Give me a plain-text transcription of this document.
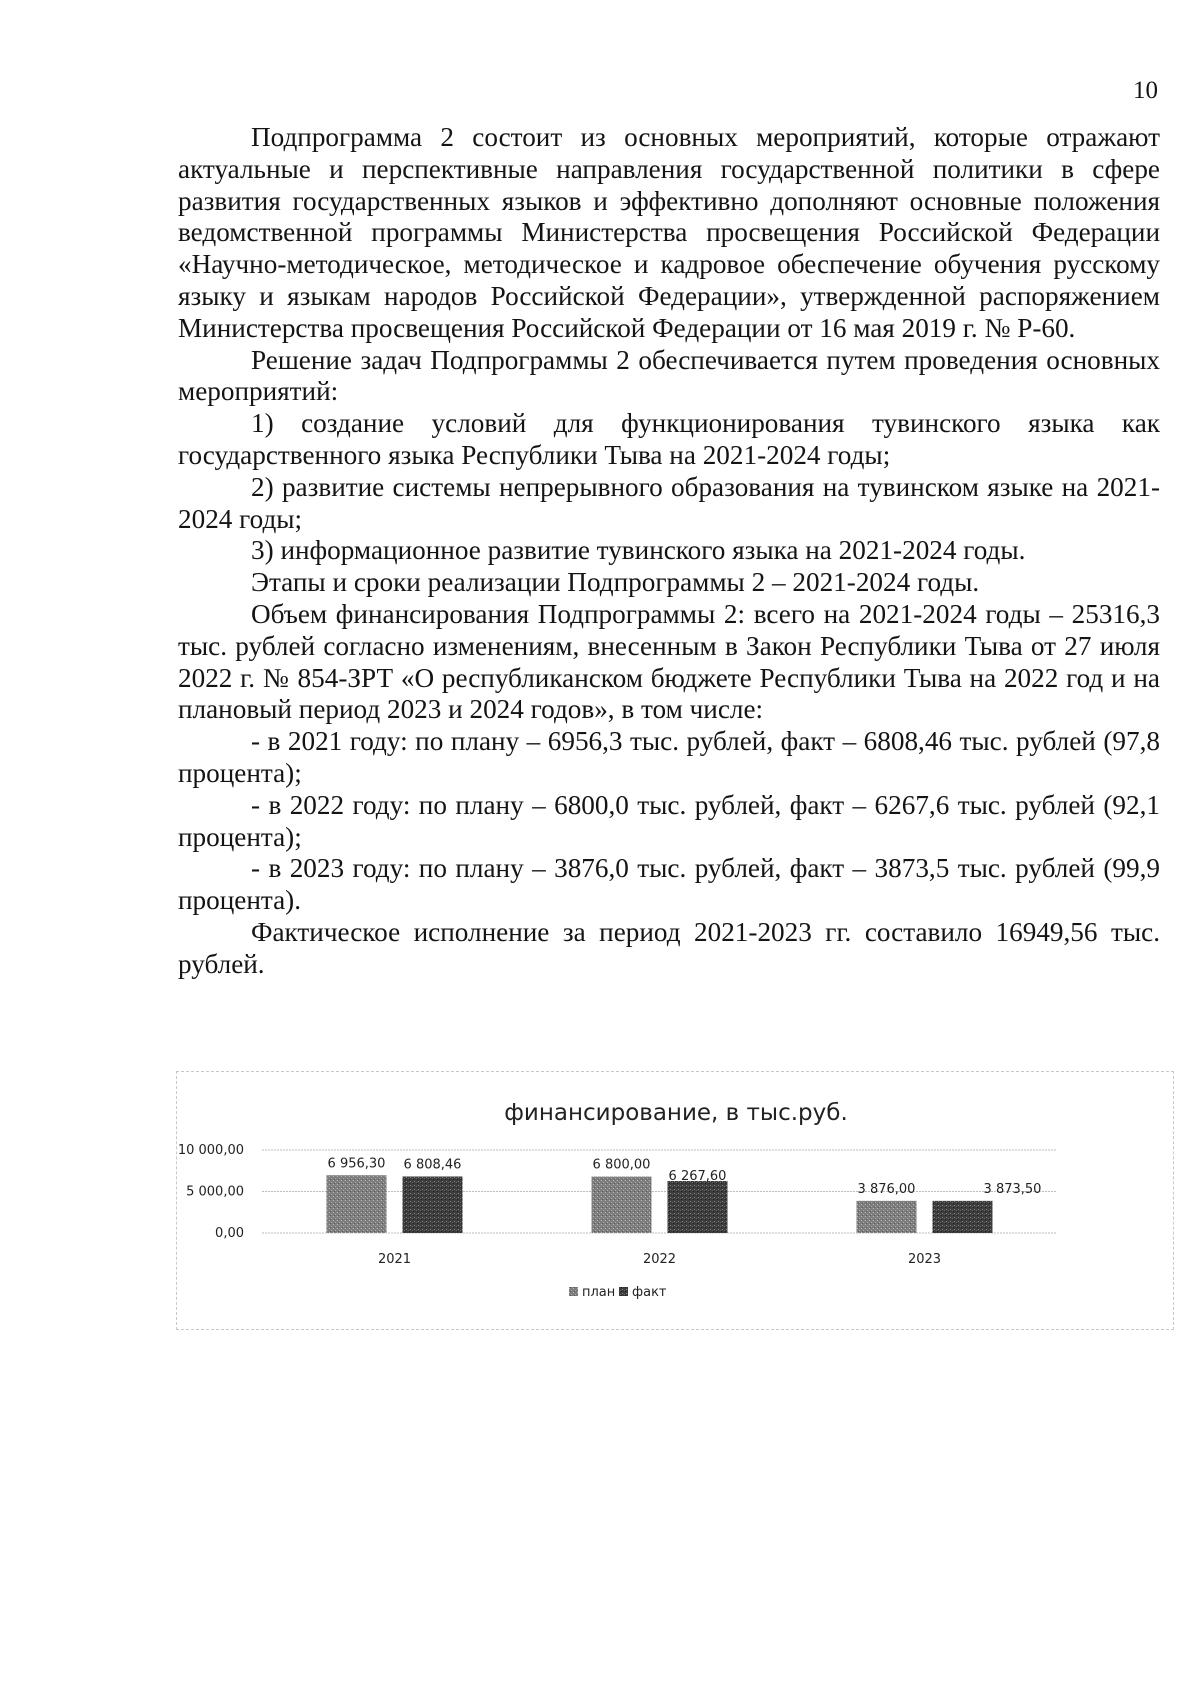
10

Подпрограмма 2 состоит из основных мероприятий, которые отражают актуальные и перспективные направления государственной политики в сфере развития государственных языков и эффективно дополняют основные положения ведомственной программы Министерства просвещения Российской Федерации «Научно-методическое, методическое и кадровое обеспечение обучения русскому языку и языкам народов Российской Федерации», утвержденной распоряжением Министерства просвещения Российской Федерации от 16 мая 2019 г. № Р-60.

Решение задач Подпрограммы 2 обеспечивается путем проведения основных мероприятий:

1) создание условий для функционирования тувинского языка как государственного языка Республики Тыва на 2021-2024 годы;

2) развитие системы непрерывного образования на тувинском языке на 2021-2024 годы;

3) информационное развитие тувинского языка на 2021-2024 годы.

Этапы и сроки реализации Подпрограммы 2 – 2021-2024 годы.

Объем финансирования Подпрограммы 2: всего на 2021-2024 годы – 25316,3 тыс. рублей согласно изменениям, внесенным в Закон Республики Тыва от 27 июля 2022 г. № 854-ЗРТ «О республиканском бюджете Республики Тыва на 2022 год и на плановый период 2023 и 2024 годов», в том числе:

- в 2021 году: по плану – 6956,3 тыс. рублей, факт – 6808,46 тыс. рублей (97,8 процента);

- в 2022 году: по плану – 6800,0 тыс. рублей, факт – 6267,6 тыс. рублей (92,1 процента);

- в 2023 году: по плану – 3876,0 тыс. рублей, факт – 3873,5 тыс. рублей (99,9 процента).

Фактическое исполнение за период 2021-2023 гг. составило 16949,56 тыс. рублей.

финансирование, в тыс.руб.
0,00
5 000,00
10 000,00
6 956,30 6 808,46
2021
6 800,00
6 267,60
2022
3 876,00	3 873,50
2023
план факт
